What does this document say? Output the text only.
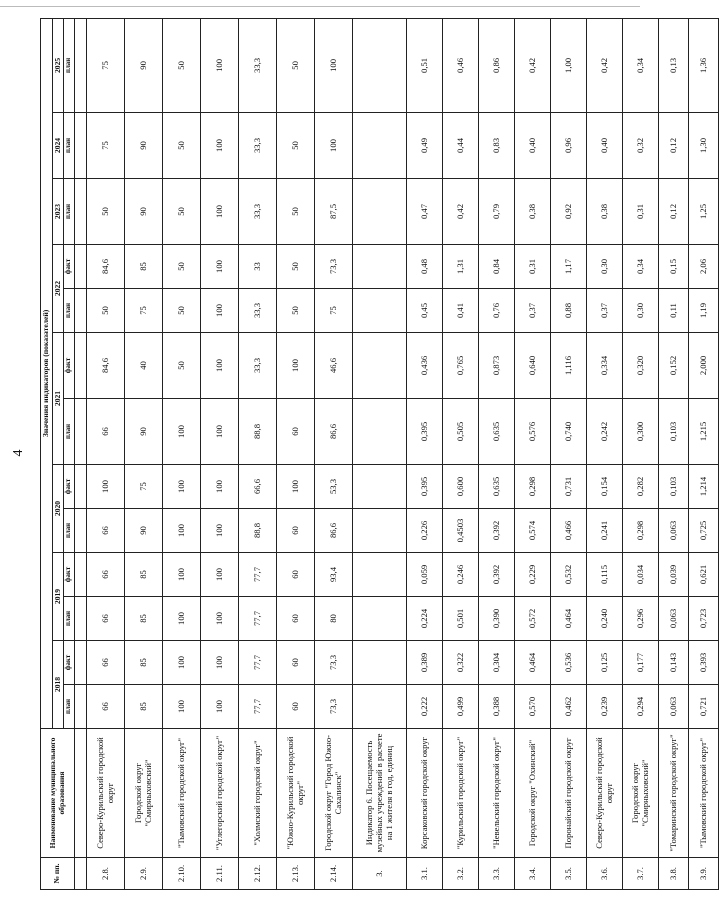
4
№ пп.	Наименование муниципального образования	Значения индикаторов (показателей)												
		2018		2019		2020		2021		2022		2023	2024	2025
		план	факт	план	факт	план	факт	план	факт	план	факт	план	план	план

2.8.	Северо-Курильский городской округ	66	66	66	66	66	100	66	84,6	50	84,6	50	75	75
2.9.	Городской округ "Смирныховский"	85	85	85	85	90	75	90	40	75	85	90	90	90
2.10.	"Тымовский городской округ"	100	100	100	100	100	100	100	50	50	50	50	50	50
2.11.	"Углегорский городской округ"	100	100	100	100	100	100	100	100	100	100	100	100	100
2.12.	"Холмский городской округ"	77,7	77,7	77,7	77,7	88,8	66,6	88,8	33,3	33,3	33	33,3	33,3	33,3
2.13.	"Южно-Курильский городской округ"	60	60	60	60	60	100	60	100	50	50	50	50	50
2.14.	Городской округ "Город Южно-Сахалинск"	73,3	73,3	80	93,4	86,6	53,3	86,6	46,6	75	73,3	87,5	100	100
3.	Индикатор 6. Посещаемость музейных учреждений в расчете на 1 жителя в год, единиц													
3.1.	Корсаковский городской округ	0,222	0,389	0,224	0,059	0,226	0,395	0,395	0,436	0,45	0,48	0,47	0,49	0,51
3.2.	"Курильский городской округ"	0,499	0,322	0,501	0,246	0,4503	0,600	0,505	0,765	0,41	1,31	0,42	0,44	0,46
3.3.	"Невельский городской округ"	0,388	0,304	0,390	0,392	0,392	0,635	0,635	0,873	0,76	0,84	0,79	0,83	0,86
3.4.	Городской округ "Охинский"	0,570	0,464	0,572	0,229	0,574	0,298	0,576	0,640	0,37	0,31	0,38	0,40	0,42
3.5.	Поронайский городской округ	0,462	0,536	0,464	0,532	0,466	0,731	0,740	1,116	0,88	1,17	0,92	0,96	1,00
3.6.	Северо-Курильский городской округ	0,239	0,125	0,240	0,115	0,241	0,154	0,242	0,334	0,37	0,30	0,38	0,40	0,42
3.7.	Городской округ "Смирныховский"	0,294	0,177	0,296	0,034	0,298	0,282	0,300	0,320	0,30	0,34	0,31	0,32	0,34
3.8.	"Томаринский городской округ"	0,063	0,143	0,063	0,039	0,063	0,103	0,103	0,152	0,11	0,15	0,12	0,12	0,13
3.9.	"Тымовский городской округ"	0,721	0,393	0,723	0,621	0,725	1,214	1,215	2,000	1,19	2,06	1,25	1,30	1,36
